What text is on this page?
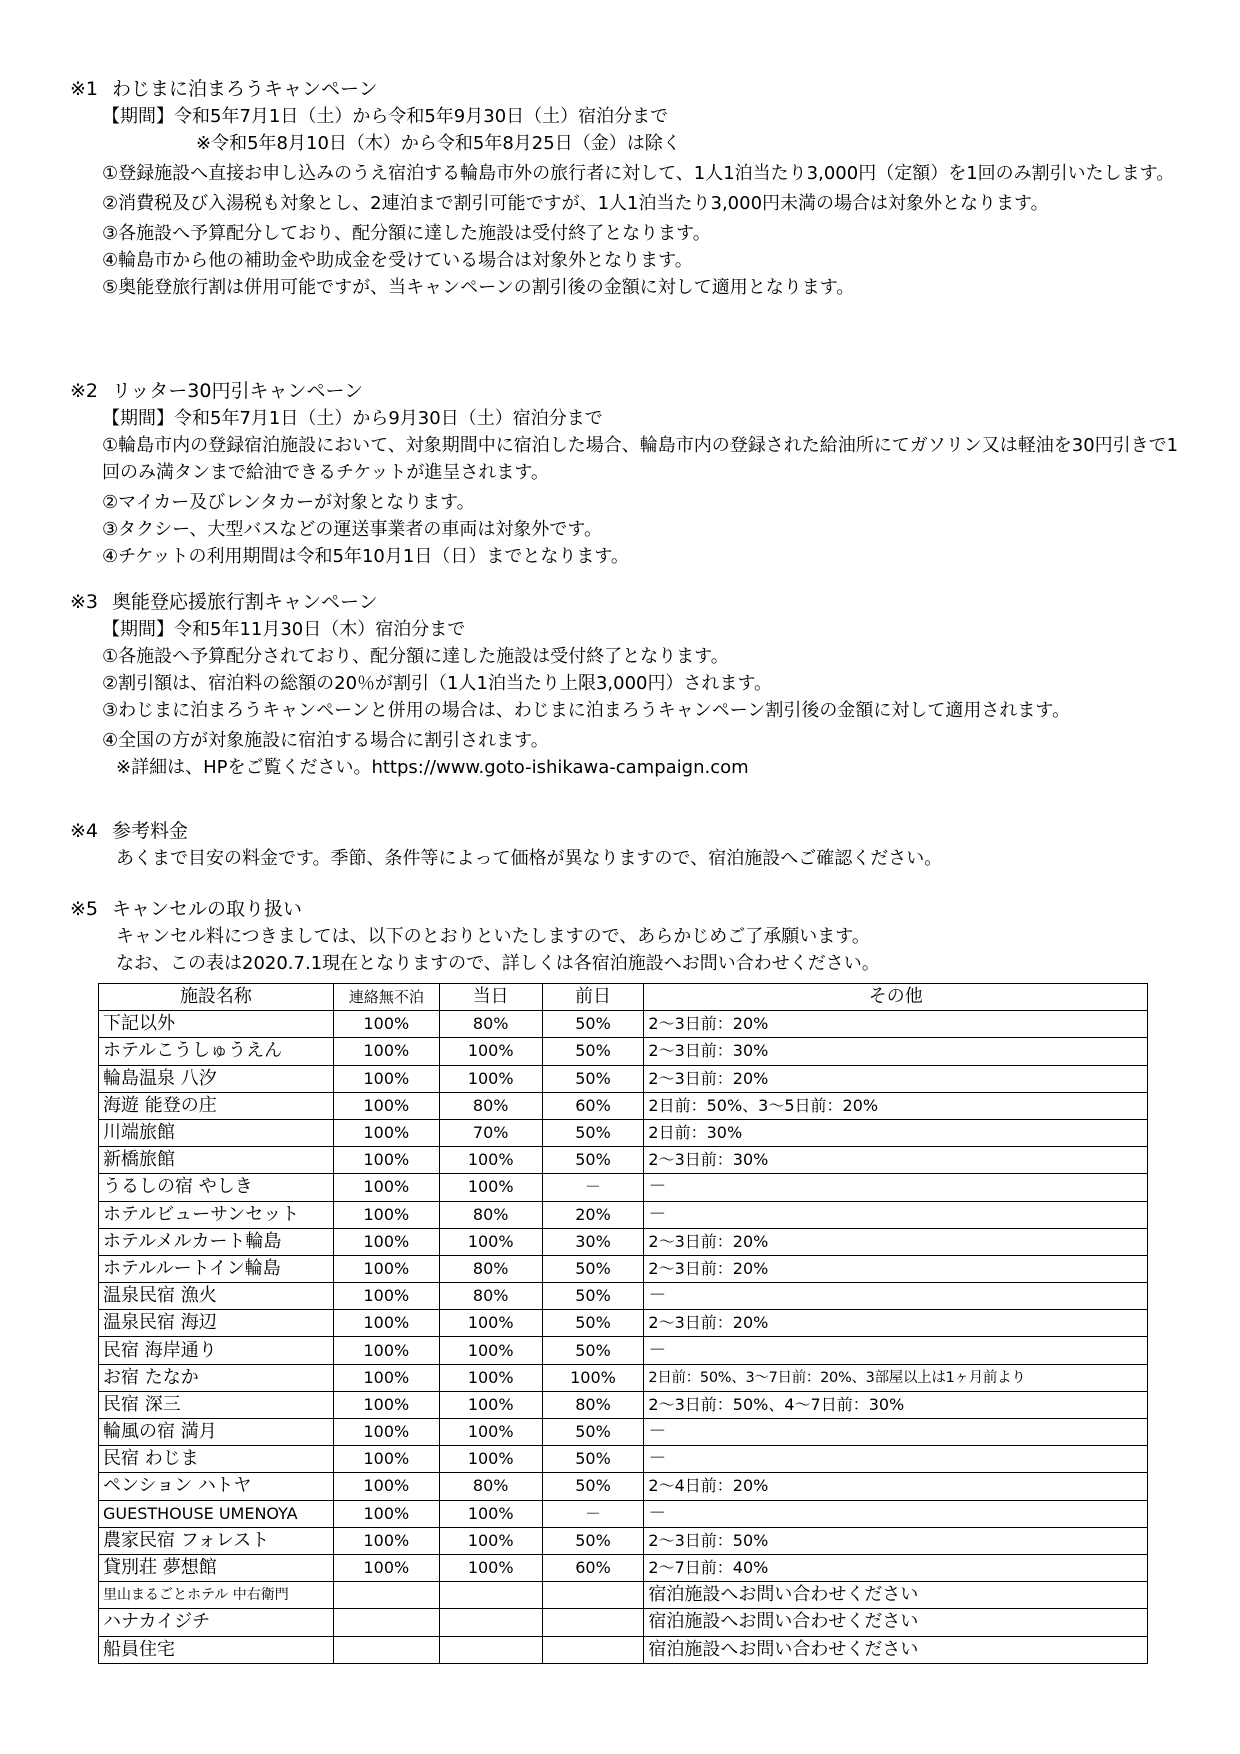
※1 わじまに泊まろうキャンペーン
【期間】令和5年7月1日（土）から令和5年9月30日（土）宿泊分まで
※令和5年8月10日（木）から令和5年8月25日（金）は除く
①登録施設へ直接お申し込みのうえ宿泊する輪島市外の旅行者に対して、1人1泊当たり3,000円（定額）を1回のみ割引いたします。
②消費税及び入湯税も対象とし、2連泊まで割引可能ですが、1人1泊当たり3,000円未満の場合は対象外となります。
③各施設へ予算配分しており、配分額に達した施設は受付終了となります。
④輪島市から他の補助金や助成金を受けている場合は対象外となります。
⑤奥能登旅行割は併用可能ですが、当キャンペーンの割引後の金額に対して適用となります。
※2 リッター30円引キャンペーン
【期間】令和5年7月1日（土）から9月30日（土）宿泊分まで
①輪島市内の登録宿泊施設において、対象期間中に宿泊した場合、輪島市内の登録された給油所にてガソリン又は軽油を30円引きで1回のみ満タンまで給油できるチケットが進呈されます。
②マイカー及びレンタカーが対象となります。
③タクシー、大型バスなどの運送事業者の車両は対象外です。
④チケットの利用期間は令和5年10月1日（日）までとなります。
※3 奥能登応援旅行割キャンペーン
【期間】令和5年11月30日（木）宿泊分まで
①各施設へ予算配分されており、配分額に達した施設は受付終了となります。
②割引額は、宿泊料の総額の20％が割引（1人1泊当たり上限3,000円）されます。
③わじまに泊まろうキャンペーンと併用の場合は、わじまに泊まろうキャンペーン割引後の金額に対して適用されます。
④全国の方が対象施設に宿泊する場合に割引されます。
※詳細は、HPをご覧ください。https://www.goto-ishikawa-campaign.com
※4 参考料金
あくまで目安の料金です。季節、条件等によって価格が異なりますので、宿泊施設へご確認ください。
※5 キャンセルの取り扱い
キャンセル料につきましては、以下のとおりといたしますので、あらかじめご了承願います。
なお、この表は2020.7.1現在となりますので、詳しくは各宿泊施設へお問い合わせください。
施設名称	連絡無不泊	当日	前日	その他
下記以外	100%	80%	50%	2～3日前：20%
ホテルこうしゅうえん	100%	100%	50%	2～3日前：30%
輪島温泉 八汐	100%	100%	50%	2～3日前：20%
海遊 能登の庄	100%	80%	60%	2日前：50%、3～5日前：20%
川端旅館	100%	70%	50%	2日前：30%
新橋旅館	100%	100%	50%	2～3日前：30%
うるしの宿 やしき	100%	100%	－	－
ホテルビューサンセット	100%	80%	20%	－
ホテルメルカート輪島	100%	100%	30%	2～3日前：20%
ホテルルートイン輪島	100%	80%	50%	2～3日前：20%
温泉民宿 漁火	100%	80%	50%	－
温泉民宿 海辺	100%	100%	50%	2～3日前：20%
民宿 海岸通り	100%	100%	50%	－
お宿 たなか	100%	100%	100%	2日前：50%、3～7日前：20%、3部屋以上は1ヶ月前より
民宿 深三	100%	100%	80%	2～3日前：50%、4～7日前：30%
輪風の宿 満月	100%	100%	50%	－
民宿 わじま	100%	100%	50%	－
ペンション ハトヤ	100%	80%	50%	2～4日前：20%
GUESTHOUSE UMENOYA	100%	100%	－	－
農家民宿 フォレスト	100%	100%	50%	2～3日前：50%
貸別荘 夢想館	100%	100%	60%	2～7日前：40%
里山まるごとホテル 中右衛門				宿泊施設へお問い合わせください
ハナカイジチ				宿泊施設へお問い合わせください
船員住宅				宿泊施設へお問い合わせください
